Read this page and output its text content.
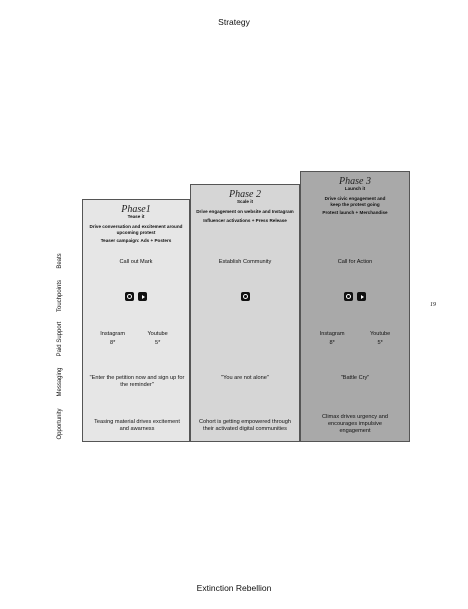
Strategy
Beats
Touchpoints
Paid Support
Messaging
Opportunity
Phase1
Tease it
Drive conversation and excitement around upcoming protest
Teaser campaign: Ads + Posters
Call out Mark
Instagram
8*
Youtube
5*
"Enter the petition now and sign up for the reminder"
Teasing material drives excitement and awarness
Phase 2
Scale it
Drive engagement on website and Instagram
Influencer activations + Press Release
Establish Community
"You are not alone"
Cohort is getting empowered through their activated digital communities
Phase 3
Launch it
Drive civic engagement and keep the protest going
Protest launch + Merchandise
Call for Action
Instagram
8*
Youtube
5*
"Battle Cry"
Climax drives urgency and encourages impulsive engagement
19
Extinction Rebellion
